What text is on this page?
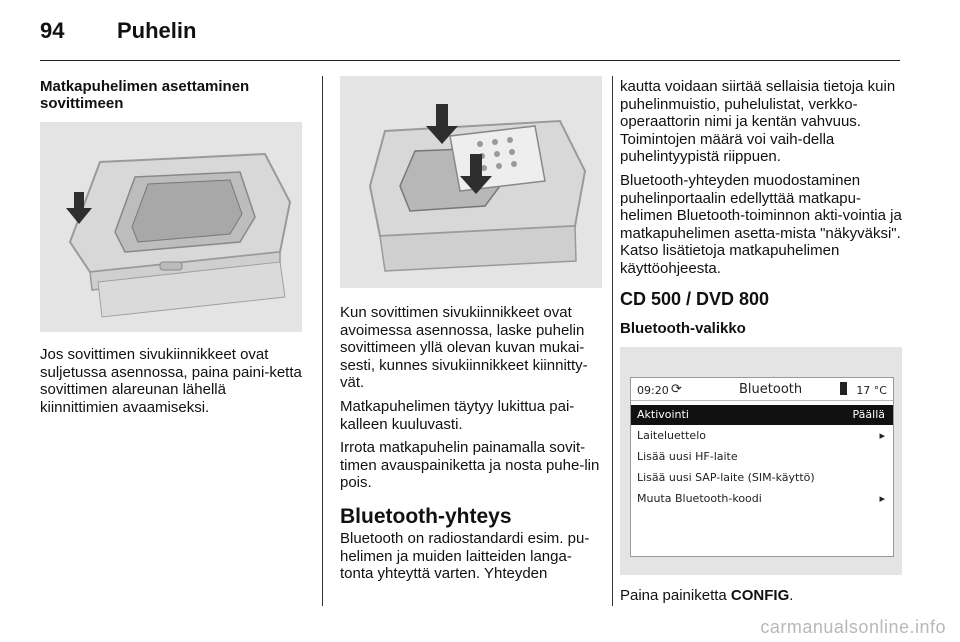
94 Puhelin
Matkapuhelimen asettaminen sovittimeen

Jos sovittimen sivukiinnikkeet ovat suljetussa asennossa, paina paini-ketta sovittimen alareunan lähellä kiinnittimien avaamiseksi.

Kun sovittimen sivukiinnikkeet ovat avoimessa asennossa, laske puhelin sovittimeen yllä olevan kuvan mukai-sesti, kunnes sivukiinnikkeet kiinnitty-vät.

Matkapuhelimen täytyy lukittua pai-kalleen kuuluvasti.

Irrota matkapuhelin painamalla sovit-timen avauspainiketta ja nosta puhe-lin pois.

Bluetooth-yhteys

Bluetooth on radiostandardi esim. pu-helimen ja muiden laitteiden langa-tonta yhteyttä varten. Yhteyden

kautta voidaan siirtää sellaisia tietoja kuin puhelinmuistio, puhelulistat, verkko-operaattorin nimi ja kentän vahvuus. Toimintojen määrä voi vaih-della puhelintyypistä riippuen.

Bluetooth-yhteyden muodostaminen puhelinportaalin edellyttää matkapu-helimen Bluetooth-toiminnon akti-vointia ja matkapuhelimen asetta-mista "näkyväksi". Katso lisätietoja matkapuhelimen käyttöohjeesta.

CD 500 / DVD 800
Bluetooth-valikko
09:20 ⟳	Bluetooth	17 °C
Aktivointi	Päällä
Laiteluettelo	▸
Lisää uusi HF-laite
Lisää uusi SAP-laite (SIM-käyttö)
Muuta Bluetooth-koodi	▸

Paina painiketta CONFIG.

carmanualsonline.info
